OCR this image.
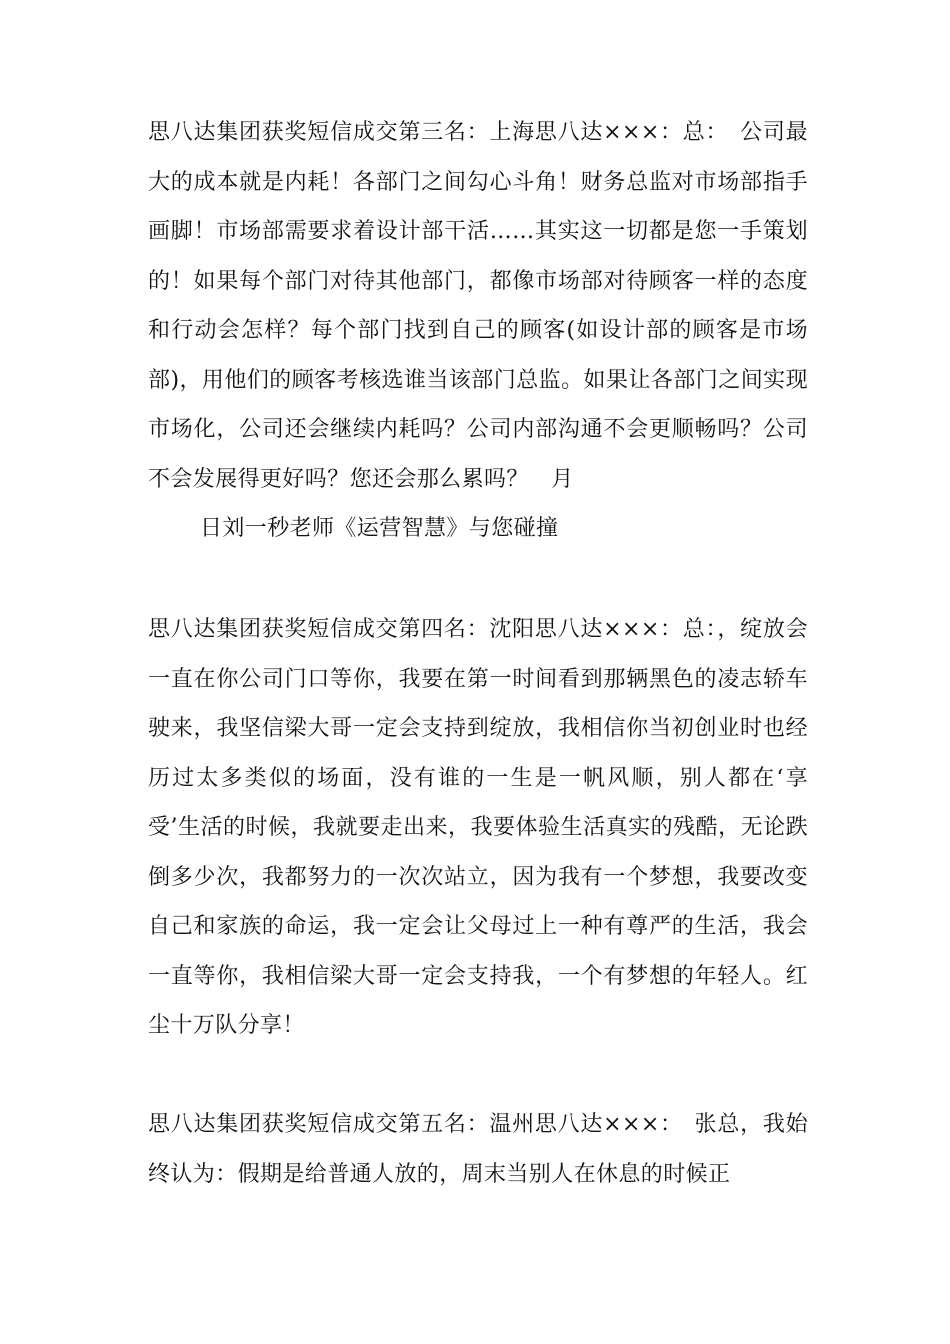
思八达集团获奖短信成交第三名：上海思八达×××：总：　公司最大的成本就是内耗！各部门之间勾心斗角！财务总监对市场部指手画脚！市场部需要求着设计部干活……其实这一切都是您一手策划的！如果每个部门对待其他部门，都像市场部对待顾客一样的态度和行动会怎样？每个部门找到自己的顾客(如设计部的顾客是市场部)，用他们的顾客考核选谁当该部门总监。如果让各部门之间实现市场化，公司还会继续内耗吗？公司内部沟通不会更顺畅吗？公司不会发展得更好吗？您还会那么累吗？　月

日刘一秒老师《运营智慧》与您碰撞

思八达集团获奖短信成交第四名：沈阳思八达×××：总：，绽放会一直在你公司门口等你，我要在第一时间看到那辆黑色的凌志轿车驶来，我坚信梁大哥一定会支持到绽放，我相信你当初创业时也经历过太多类似的场面，没有谁的一生是一帆风顺，别人都在‘享受’生活的时候，我就要走出来，我要体验生活真实的残酷，无论跌倒多少次，我都努力的一次次站立，因为我有一个梦想，我要改变自己和家族的命运，我一定会让父母过上一种有尊严的生活，我会一直等你，我相信梁大哥一定会支持我，一个有梦想的年轻人。红尘十万队分享！

思八达集团获奖短信成交第五名：温州思八达×××：　张总，我始终认为：假期是给普通人放的，周末当别人在休息的时候正
